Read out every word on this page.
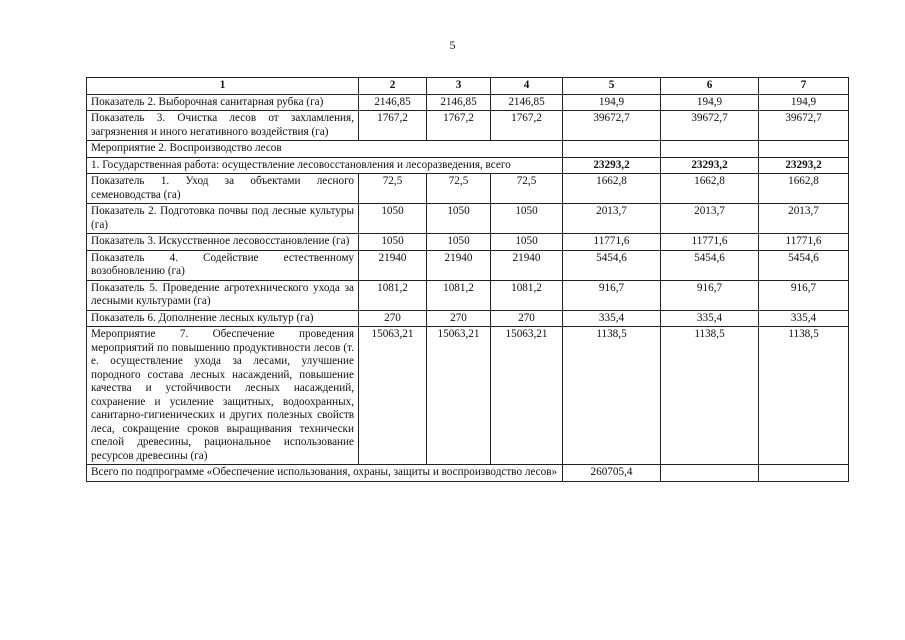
5
1	2	3	4	5	6	7
Показатель 2. Выборочная санитарная рубка (га)	2146,85	2146,85	2146,85	194,9	194,9	194,9
Показатель 3. Очистка лесов от захламления, загрязнения и иного негативного воздействия (га)	1767,2	1767,2	1767,2	39672,7	39672,7	39672,7
Мероприятие 2. Воспроизводство лесов						
1. Государственная работа: осуществление лесовосстановления и лесоразведения, всего				23293,2	23293,2	23293,2
Показатель 1. Уход за объектами лесного семеноводства (га)	72,5	72,5	72,5	1662,8	1662,8	1662,8
Показатель 2. Подготовка почвы под лесные культуры (га)	1050	1050	1050	2013,7	2013,7	2013,7
Показатель 3. Искусственное лесовосстановление (га)	1050	1050	1050	11771,6	11771,6	11771,6
Показатель 4. Содействие естественному возобновлению (га)	21940	21940	21940	5454,6	5454,6	5454,6
Показатель 5. Проведение агротехнического ухода за лесными культурами (га)	1081,2	1081,2	1081,2	916,7	916,7	916,7
Показатель 6. Дополнение лесных культур (га)	270	270	270	335,4	335,4	335,4
Мероприятие 7. Обеспечение проведения мероприятий по повышению продуктивности лесов (т. е. осуществление ухода за лесами, улучшение породного состава лесных насаждений, повышение качества и устойчивости лесных насаждений, сохранение и усиление защитных, водоохранных, санитарно-гигиенических и других полезных свойств леса, сокращение сроков выращивания технически спелой древесины, рациональное использование ресурсов древесины (га)	15063,21	15063,21	15063,21	1138,5	1138,5	1138,5
Всего по подпрограмме «Обеспечение использования, охраны, защиты и воспроизводство лесов»				260705,4		
